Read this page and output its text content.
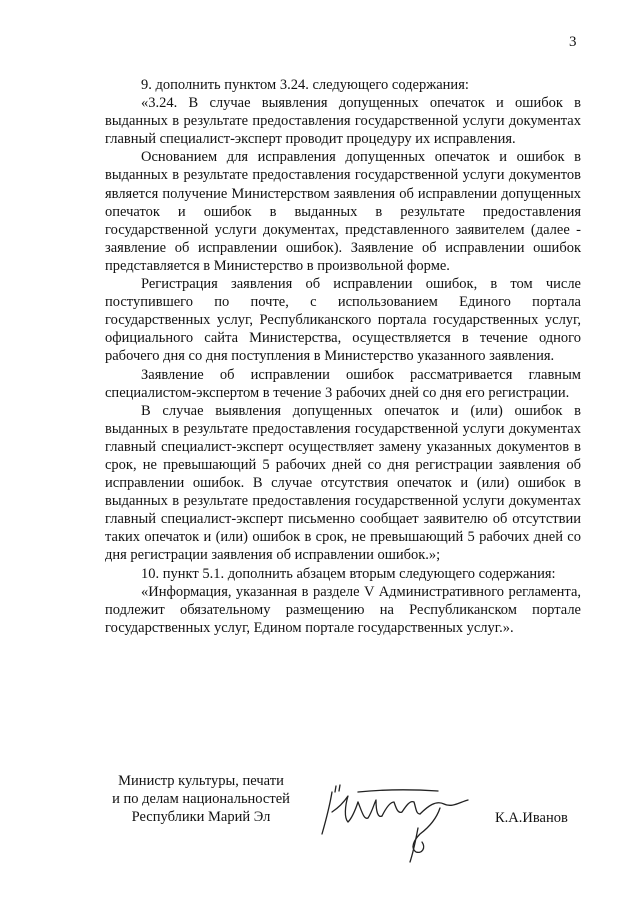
3

9. дополнить пунктом 3.24. следующего содержания:

«3.24. В случае выявления допущенных опечаток и ошибок в выданных в результате предоставления государственной услуги документах главный специалист-эксперт проводит процедуру их исправления.

Основанием для исправления допущенных опечаток и ошибок в выданных в результате предоставления государственной услуги документов является получение Министерством заявления об исправлении допущенных опечаток и ошибок в выданных в результате предоставления государственной услуги документах, представленного заявителем (далее - заявление об исправлении ошибок). Заявление об исправлении ошибок представляется в Министерство в произвольной форме.

Регистрация заявления об исправлении ошибок, в том числе поступившего по почте, с использованием Единого портала государственных услуг, Республиканского портала государственных услуг, официального сайта Министерства, осуществляется в течение одного рабочего дня со дня поступления в Министерство указанного заявления.

Заявление об исправлении ошибок рассматривается главным специалистом-экспертом в течение 3 рабочих дней со дня его регистрации.

В случае выявления допущенных опечаток и (или) ошибок в выданных в результате предоставления государственной услуги документах главный специалист-эксперт осуществляет замену указанных документов в срок, не превышающий 5 рабочих дней со дня регистрации заявления об исправлении ошибок. В случае отсутствия опечаток и (или) ошибок в выданных в результате предоставления государственной услуги документах главный специалист-эксперт письменно сообщает заявителю об отсутствии таких опечаток и (или) ошибок в срок, не превышающий 5 рабочих дней со дня регистрации заявления об исправлении ошибок.»;

10. пункт 5.1. дополнить абзацем вторым следующего содержания:

«Информация, указанная в разделе V Административного регламента, подлежит обязательному размещению на Республиканском портале государственных услуг, Едином портале государственных услуг.».

Министр культуры, печати
и по делам национальностей
Республики Марий Эл	К.А.Иванов
